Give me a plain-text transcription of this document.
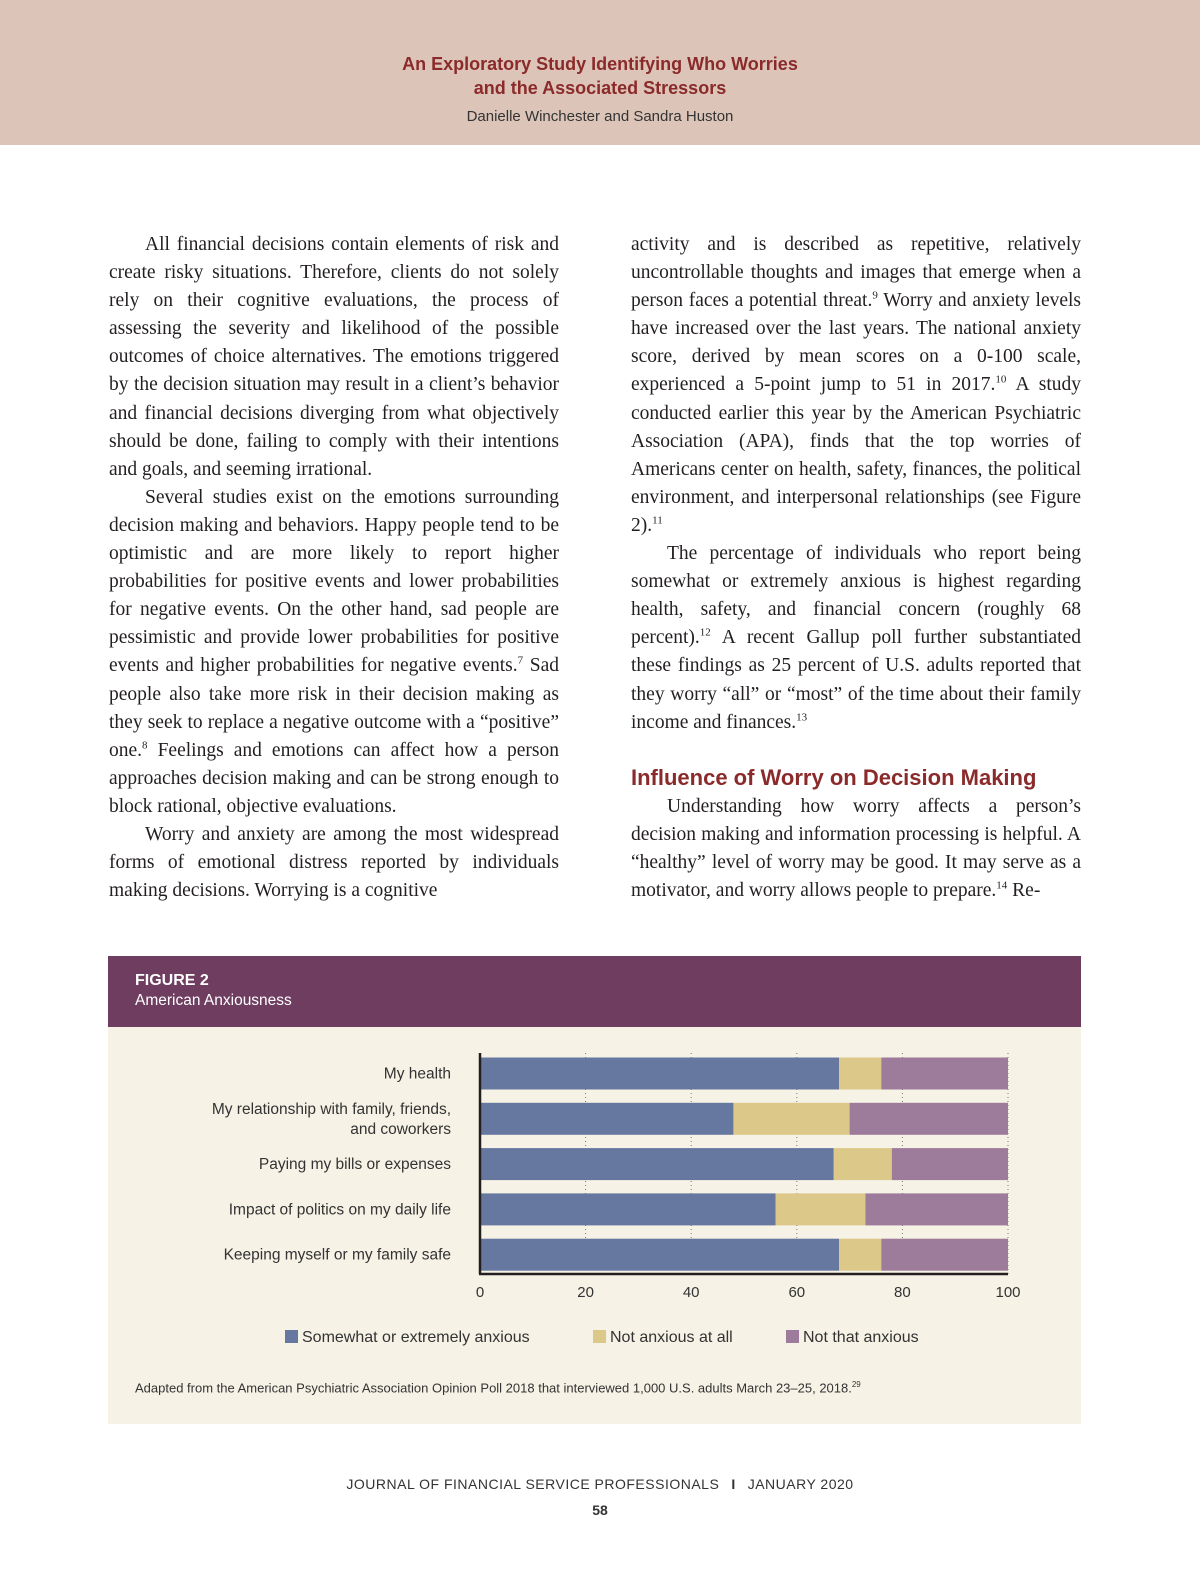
An Exploratory Study Identifying Who Worries
and the Associated Stressors
Danielle Winchester and Sandra Huston

All financial decisions contain elements of risk and create risky situations. Therefore, clients do not solely rely on their cognitive evaluations, the process of assessing the severity and likelihood of the possible outcomes of choice alternatives. The emotions triggered by the decision situation may result in a client’s behavior and financial decisions diverging from what objectively should be done, failing to comply with their intentions and goals, and seeming irrational.

Several studies exist on the emotions surrounding decision making and behaviors. Happy people tend to be optimistic and are more likely to report higher probabilities for positive events and lower probabilities for negative events. On the other hand, sad people are pessimistic and provide lower probabilities for positive events and higher probabilities for negative events.$^7$ Sad people also take more risk in their decision making as they seek to replace a negative outcome with a “positive” one.$^8$ Feelings and emotions can affect how a person approaches decision making and can be strong enough to block rational, objective evaluations.

Worry and anxiety are among the most widespread forms of emotional distress reported by individuals making decisions. Worrying is a cognitive

activity and is described as repetitive, relatively uncontrollable thoughts and images that emerge when a person faces a potential threat.$^9$ Worry and anxiety levels have increased over the last years. The national anxiety score, derived by mean scores on a 0-100 scale, experienced a 5-point jump to 51 in 2017.10 A study conducted earlier this year by the American Psychiatric Association (APA), finds that the top worries of Americans center on health, safety, finances, the political environment, and interpersonal relationships (see Figure 2).$^{11}$

The percentage of individuals who report being somewhat or extremely anxious is highest regarding health, safety, and financial concern (roughly 68 percent).$^{12}$ A recent Gallup poll further substantiated these findings as 25 percent of U.S. adults reported that they worry “all” or “most” of the time about their family income and finances.$^{13}$

Influence of Worry on Decision Making

Understanding how worry affects a person’s decision making and information processing is helpful. A “healthy” level of worry may be good. It may serve as a motivator, and worry allows people to prepare.$^{14}$ Re-

FIGURE 2
American Anxiousness
My health
My relationship with family, friends,
and coworkers
Paying my bills or expenses
Impact of politics on my daily life
Keeping myself or my family safe
0	20	40	60	80	100
Somewhat or extremely anxious	Not anxious at all	Not that anxious
Adapted from the American Psychiatric Association Opinion Poll 2018 that interviewed 1,000 U.S. adults March 23–25, 2018.29
JOURNAL OF FINANCIAL SERVICE PROFESSIONALS I JANUARY 2020
58
